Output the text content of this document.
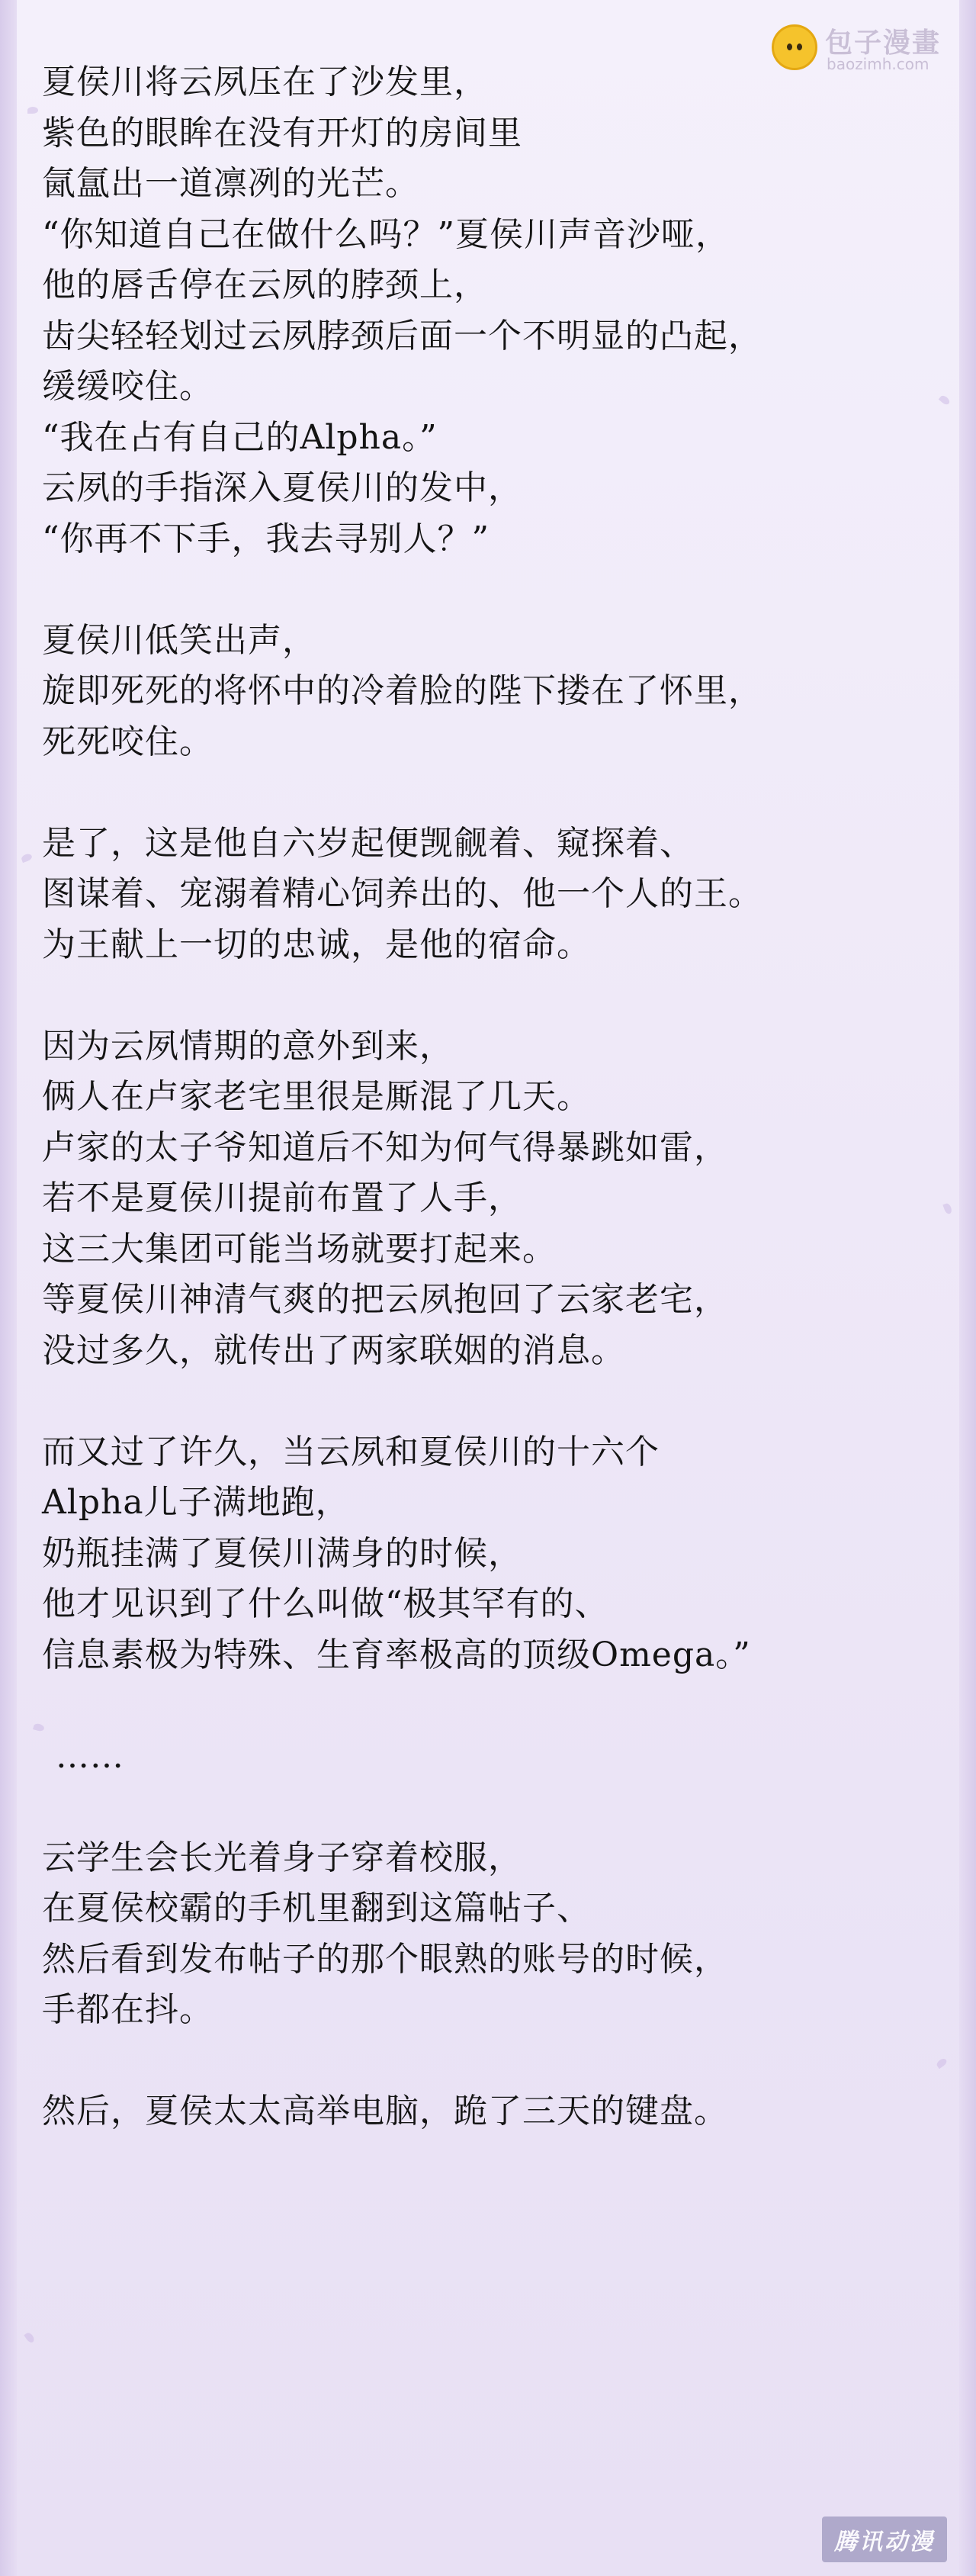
包子漫畫
baozimh.com
夏侯川将云夙压在了沙发里，
紫色的眼眸在没有开灯的房间里
氤氲出一道凛冽的光芒。
“你知道自己在做什么吗？”夏侯川声音沙哑，
他的唇舌停在云夙的脖颈上，
齿尖轻轻划过云夙脖颈后面一个不明显的凸起，
缓缓咬住。
“我在占有自己的Alpha。”
云夙的手指深入夏侯川的发中，
“你再不下手，我去寻别人？”
夏侯川低笑出声，
旋即死死的将怀中的冷着脸的陛下搂在了怀里，
死死咬住。
是了，这是他自六岁起便觊觎着、窥探着、
图谋着、宠溺着精心饲养出的、他一个人的王。
为王献上一切的忠诚，是他的宿命。
因为云夙情期的意外到来，
俩人在卢家老宅里很是厮混了几天。
卢家的太子爷知道后不知为何气得暴跳如雷，
若不是夏侯川提前布置了人手，
这三大集团可能当场就要打起来。
等夏侯川神清气爽的把云夙抱回了云家老宅，
没过多久，就传出了两家联姻的消息。
而又过了许久，当云夙和夏侯川的十六个
Alpha儿子满地跑，
奶瓶挂满了夏侯川满身的时候，
他才见识到了什么叫做“极其罕有的、
信息素极为特殊、生育率极高的顶级Omega。”
……
云学生会长光着身子穿着校服，
在夏侯校霸的手机里翻到这篇帖子、
然后看到发布帖子的那个眼熟的账号的时候，
手都在抖。
然后，夏侯太太高举电脑，跪了三天的键盘。
腾讯动漫
